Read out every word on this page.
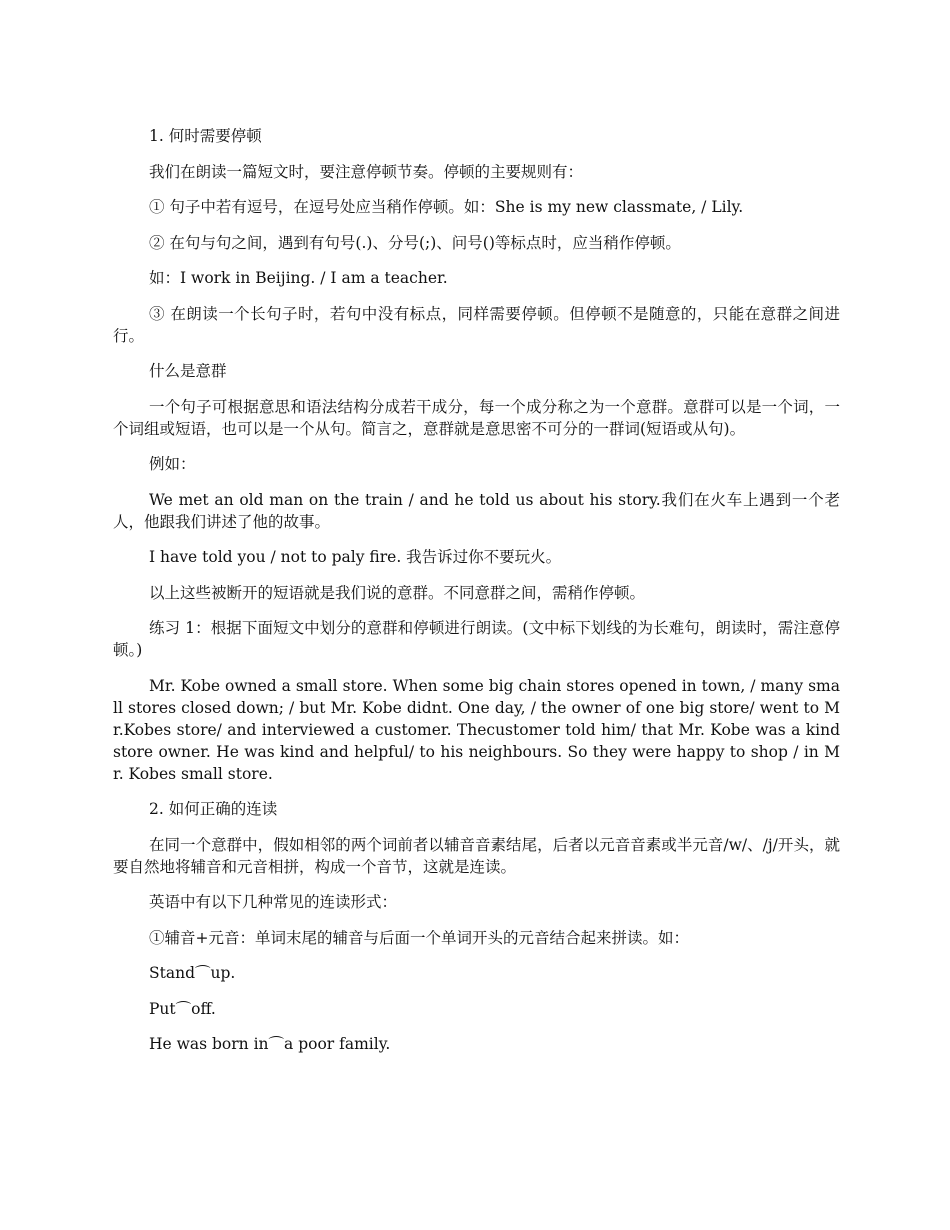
1. 何时需要停顿

我们在朗读一篇短文时，要注意停顿节奏。停顿的主要规则有：

① 句子中若有逗号，在逗号处应当稍作停顿。如：She is my new classmate, / Lily.

② 在句与句之间，遇到有句号(.)、分号(;)、问号()等标点时，应当稍作停顿。

如：I work in Beijing. / I am a teacher.

③ 在朗读一个长句子时，若句中没有标点，同样需要停顿。但停顿不是随意的，只能在意群之间进行。

什么是意群

一个句子可根据意思和语法结构分成若干成分，每一个成分称之为一个意群。意群可以是一个词，一个词组或短语，也可以是一个从句。简言之，意群就是意思密不可分的一群词(短语或从句)。

例如：

We met an old man on the train / and he told us about his story.我们在火车上遇到一个老人，他跟我们讲述了他的故事。

I have told you / not to paly fire. 我告诉过你不要玩火。

以上这些被断开的短语就是我们说的意群。不同意群之间，需稍作停顿。

练习 1：根据下面短文中划分的意群和停顿进行朗读。(文中标下划线的为长难句，朗读时，需注意停顿。)

Mr. Kobe owned a small store. When some big chain stores opened in town, / many small stores closed down; / but Mr. Kobe didnt. One day, / the owner of one big store/ went to Mr.Kobes store/ and interviewed a customer. Thecustomer told him/ that Mr. Kobe was a kind store owner. He was kind and helpful/ to his neighbours. So they were happy to shop / in Mr. Kobes small store.

2. 如何正确的连读

在同一个意群中，假如相邻的两个词前者以辅音音素结尾，后者以元音音素或半元音/w/、/j/开头，就要自然地将辅音和元音相拼，构成一个音节，这就是连读。

英语中有以下几种常见的连读形式：

①辅音+元音：单词末尾的辅音与后面一个单词开头的元音结合起来拼读。如：

Stand⌒up.

Put⌒off.

He was born in⌒a poor family.
